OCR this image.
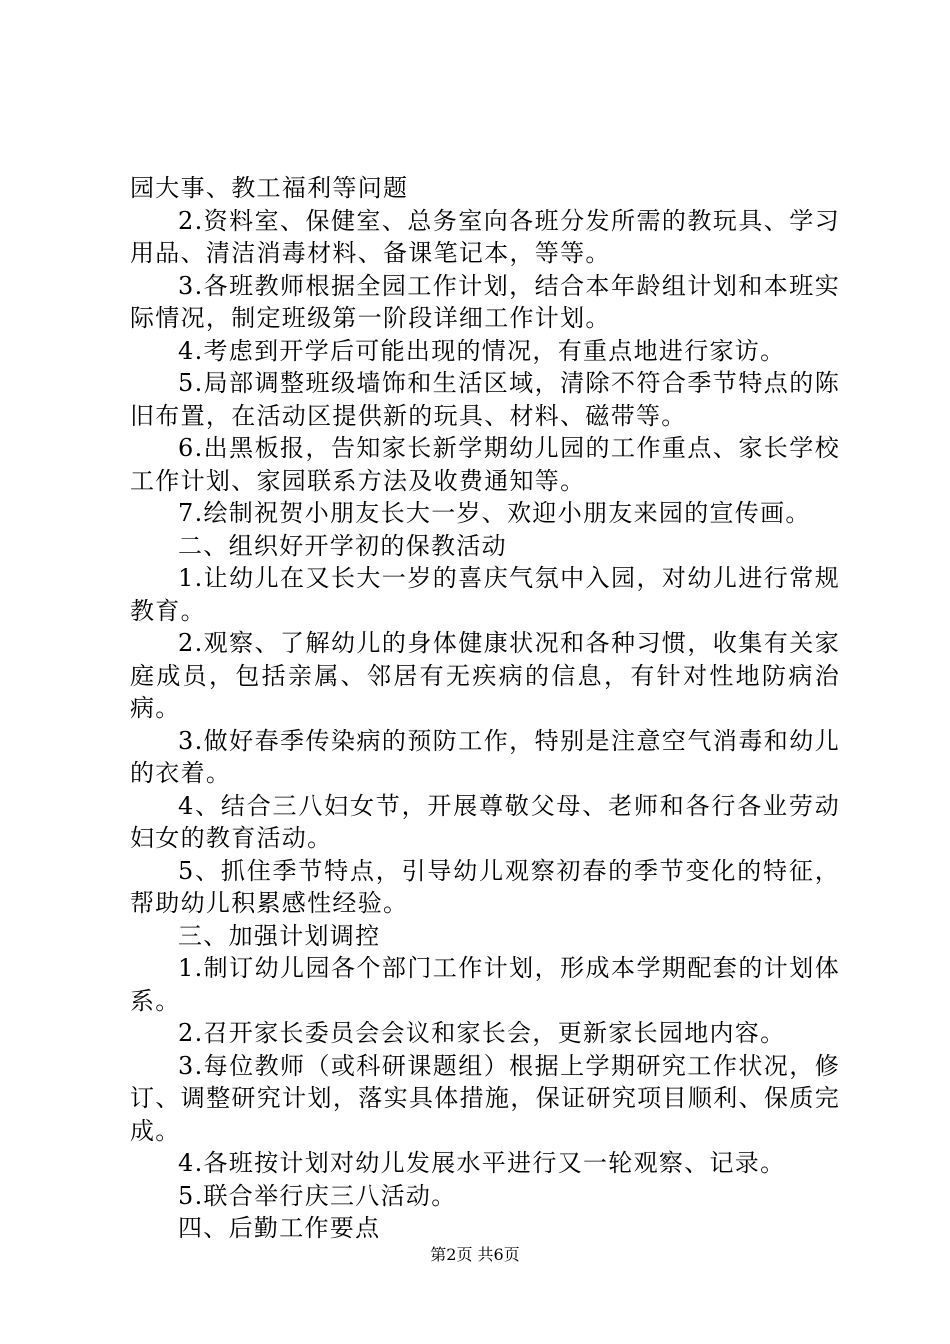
园大事、教工福利等问题

2.资料室、保健室、总务室向各班分发所需的教玩具、学习用品、清洁消毒材料、备课笔记本，等等。

3.各班教师根据全园工作计划，结合本年龄组计划和本班实际情况，制定班级第一阶段详细工作计划。

4.考虑到开学后可能出现的情况，有重点地进行家访。

5.局部调整班级墙饰和生活区域，清除不符合季节特点的陈旧布置，在活动区提供新的玩具、材料、磁带等。

6.出黑板报，告知家长新学期幼儿园的工作重点、家长学校工作计划、家园联系方法及收费通知等。

7.绘制祝贺小朋友长大一岁、欢迎小朋友来园的宣传画。

二、组织好开学初的保教活动

1.让幼儿在又长大一岁的喜庆气氛中入园，对幼儿进行常规教育。

2.观察、了解幼儿的身体健康状况和各种习惯，收集有关家庭成员，包括亲属、邻居有无疾病的信息，有针对性地防病治病。

3.做好春季传染病的预防工作，特别是注意空气消毒和幼儿的衣着。

4、结合三八妇女节，开展尊敬父母、老师和各行各业劳动妇女的教育活动。

5、抓住季节特点，引导幼儿观察初春的季节变化的特征，帮助幼儿积累感性经验。

三、加强计划调控

1.制订幼儿园各个部门工作计划，形成本学期配套的计划体系。

2.召开家长委员会会议和家长会，更新家长园地内容。

3.每位教师（或科研课题组）根据上学期研究工作状况，修订、调整研究计划，落实具体措施，保证研究项目顺利、保质完成。

4.各班按计划对幼儿发展水平进行又一轮观察、记录。

5.联合举行庆三八活动。

四、后勤工作要点

第2页 共6页
